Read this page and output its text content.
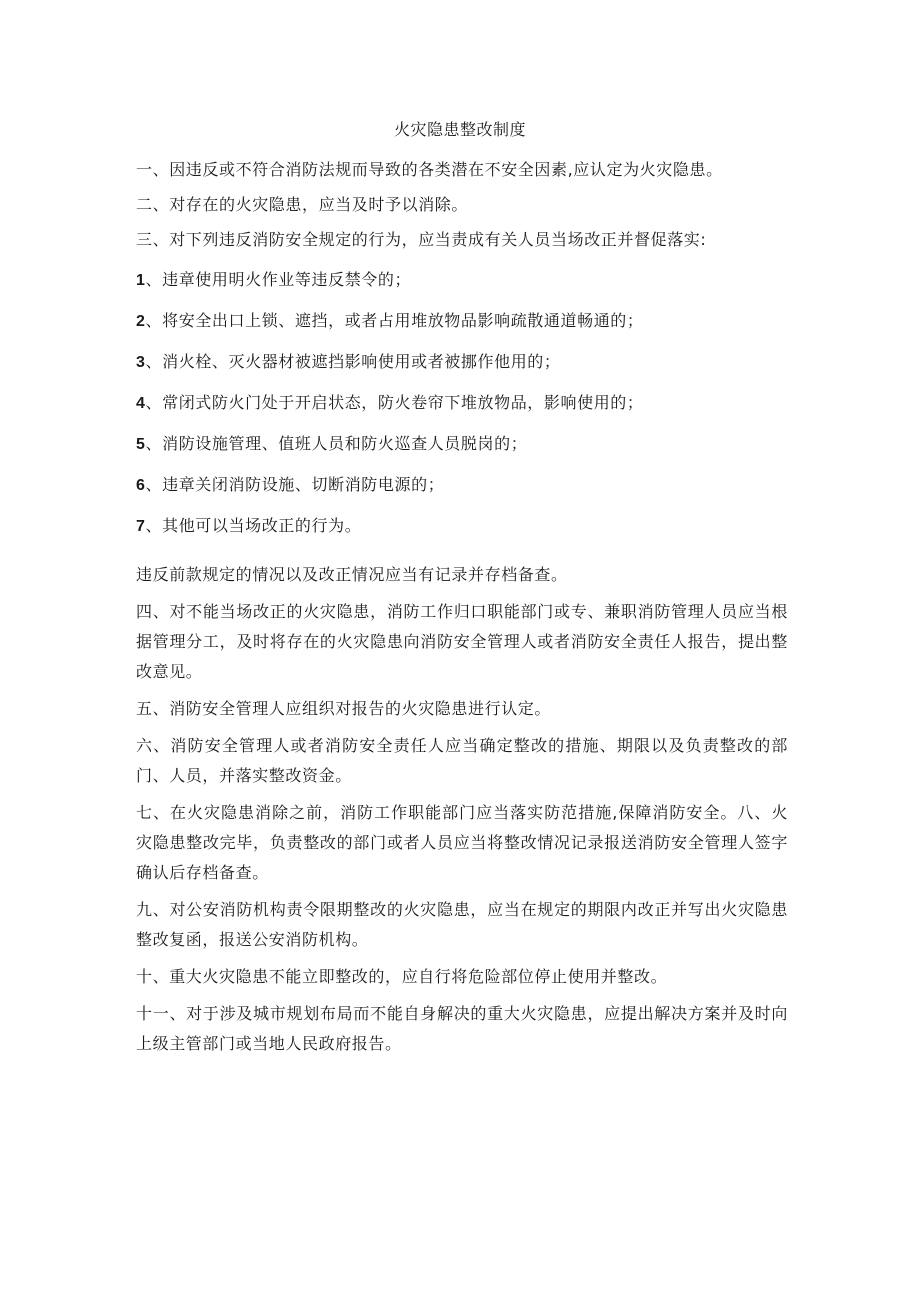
火灾隐患整改制度

一、因违反或不符合消防法规而导致的各类潜在不安全因素,应认定为火灾隐患。

二、对存在的火灾隐患，应当及时予以消除。

三、对下列违反消防安全规定的行为，应当责成有关人员当场改正并督促落实:

1、违章使用明火作业等违反禁令的；

2、将安全出口上锁、遮挡，或者占用堆放物品影响疏散通道畅通的；

3、消火栓、灭火器材被遮挡影响使用或者被挪作他用的；

4、常闭式防火门处于开启状态，防火卷帘下堆放物品，影响使用的；

5、消防设施管理、值班人员和防火巡查人员脱岗的；

6、违章关闭消防设施、切断消防电源的；

7、其他可以当场改正的行为。

违反前款规定的情况以及改正情况应当有记录并存档备查。

四、对不能当场改正的火灾隐患，消防工作归口职能部门或专、兼职消防管理人员应当根据管理分工，及时将存在的火灾隐患向消防安全管理人或者消防安全责任人报告，提出整改意见。

五、消防安全管理人应组织对报告的火灾隐患进行认定。

六、消防安全管理人或者消防安全责任人应当确定整改的措施、期限以及负责整改的部门、人员，并落实整改资金。

七、在火灾隐患消除之前，消防工作职能部门应当落实防范措施,保障消防安全。八、火灾隐患整改完毕，负责整改的部门或者人员应当将整改情况记录报送消防安全管理人签字确认后存档备查。

九、对公安消防机构责令限期整改的火灾隐患，应当在规定的期限内改正并写出火灾隐患整改复函，报送公安消防机构。

十、重大火灾隐患不能立即整改的，应自行将危险部位停止使用并整改。

十一、对于涉及城市规划布局而不能自身解决的重大火灾隐患，应提出解决方案并及时向上级主管部门或当地人民政府报告。
